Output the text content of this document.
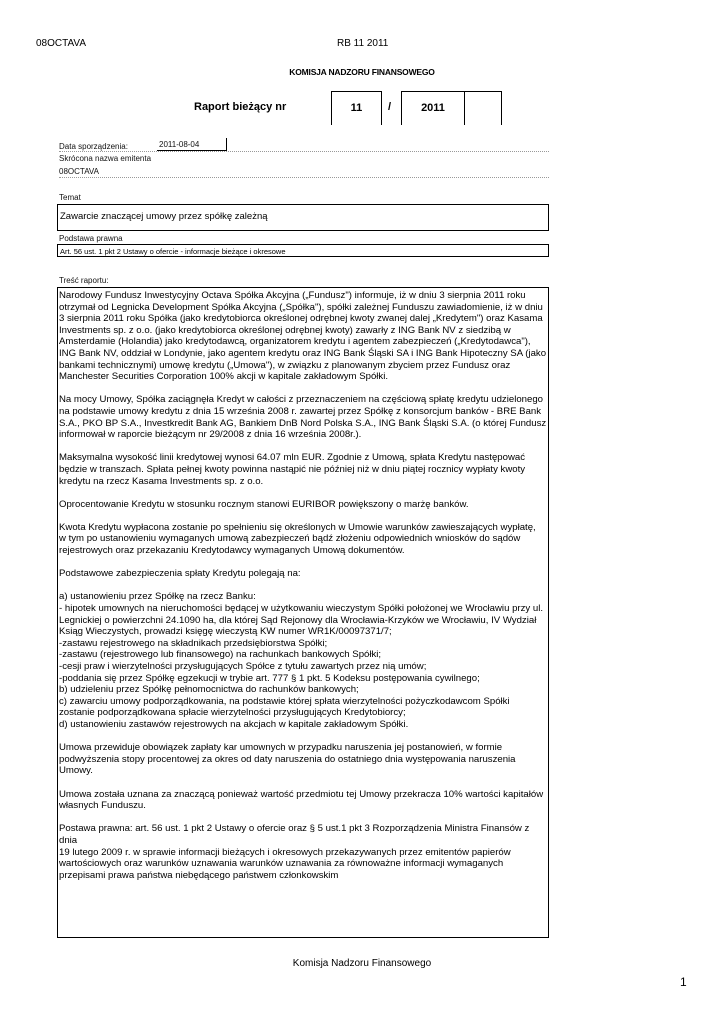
08OCTAVA	RB 11 2011
KOMISJA NADZORU FINANSOWEGO
Raport bieżący nr	11	/	2011
Data sporządzenia:	2011-08-04
Skrócona nazwa emitenta
08OCTAVA
Temat
Zawarcie znaczącej umowy przez spółkę zależną
Podstawa prawna
Art. 56 ust. 1 pkt 2 Ustawy o ofercie - informacje bieżące i okresowe
Treść raportu:

Narodowy Fundusz Inwestycyjny Octava Spółka Akcyjna („Fundusz") informuje, iż w dniu 3 sierpnia 2011 roku
otrzymał od Legnicka Development Spółka Akcyjna („Spółka"), spółki zależnej Funduszu zawiadomienie, iż w dniu
3 sierpnia 2011 roku Spółka (jako kredytobiorca określonej odrębnej kwoty zwanej dalej „Kredytem") oraz Kasama
Investments sp. z o.o. (jako kredytobiorca określonej odrębnej kwoty) zawarły z ING Bank NV z siedzibą w
Amsterdamie (Holandia) jako kredytodawcą, organizatorem kredytu i agentem zabezpieczeń („Kredytodawca"),
ING Bank NV, oddział w Londynie, jako agentem kredytu oraz ING Bank Śląski SA i ING Bank Hipoteczny SA (jako
bankami technicznymi) umowę kredytu („Umowa"), w związku z planowanym zbyciem przez Fundusz oraz
Manchester Securities Corporation 100% akcji w kapitale zakładowym Spółki.

Na mocy Umowy, Spółka zaciągnęła Kredyt w całości z przeznaczeniem na częściową spłatę kredytu udzielonego
na podstawie umowy kredytu z dnia 15 września 2008 r. zawartej przez Spółkę z konsorcjum banków - BRE Bank
S.A., PKO BP S.A., Investkredit Bank AG, Bankiem DnB Nord Polska S.A., ING Bank Śląski S.A. (o której Fundusz
informował w raporcie bieżącym nr 29/2008 z dnia 16 września 2008r.).

Maksymalna wysokość linii kredytowej wynosi 64.07 mln EUR. Zgodnie z Umową, spłata Kredytu następować
będzie w transzach. Spłata pełnej kwoty powinna nastąpić nie później niż w dniu piątej rocznicy wypłaty kwoty
kredytu na rzecz Kasama Investments sp. z o.o.

Oprocentowanie Kredytu w stosunku rocznym stanowi EURIBOR powiększony o marżę banków.

Kwota Kredytu wypłacona zostanie po spełnieniu się określonych w Umowie warunków zawieszających wypłatę,
w tym po ustanowieniu wymaganych umową zabezpieczeń bądź złożeniu odpowiednich wniosków do sądów
rejestrowych oraz przekazaniu Kredytodawcy wymaganych Umową dokumentów.

Podstawowe zabezpieczenia spłaty Kredytu polegają na:

a) ustanowieniu przez Spółkę na rzecz Banku:
- hipotek umownych na nieruchomości będącej w użytkowaniu wieczystym Spółki położonej we Wrocławiu przy ul.
Legnickiej o powierzchni 24.1090 ha, dla której Sąd Rejonowy dla Wrocławia-Krzyków we Wrocławiu, IV Wydział
Ksiąg Wieczystych, prowadzi księgę wieczystą KW numer WR1K/00097371/7;
-zastawu rejestrowego na składnikach przedsiębiorstwa Spółki;
-zastawu (rejestrowego lub finansowego) na rachunkach bankowych Spółki;
-cesji praw i wierzytelności przysługujących Spółce z tytułu zawartych przez nią umów;
-poddania się przez Spółkę egzekucji w trybie art. 777 § 1 pkt. 5 Kodeksu postępowania cywilnego;
b) udzieleniu przez Spółkę pełnomocnictwa do rachunków bankowych;
c) zawarciu umowy podporządkowania, na podstawie której spłata wierzytelności pożyczkodawcom Spółki
zostanie podporządkowana spłacie wierzytelności przysługujących Kredytobiorcy;
d) ustanowieniu zastawów rejestrowych na akcjach w kapitale zakładowym Spółki.

Umowa przewiduje obowiązek zapłaty kar umownych w przypadku naruszenia jej postanowień, w formie
podwyższenia stopy procentowej za okres od daty naruszenia do ostatniego dnia występowania naruszenia
Umowy.

Umowa została uznana za znaczącą ponieważ wartość przedmiotu tej Umowy przekracza 10% wartości kapitałów
własnych Funduszu.

Postawa prawna: art. 56 ust. 1 pkt 2 Ustawy o ofercie oraz § 5 ust.1 pkt 3 Rozporządzenia Ministra Finansów z dnia
19 lutego 2009 r. w sprawie informacji bieżących i okresowych przekazywanych przez emitentów papierów
wartościowych oraz warunków uznawania warunków uznawania za równoważne informacji wymaganych
przepisami prawa państwa niebędącego państwem członkowskim

Komisja Nadzoru Finansowego
1
